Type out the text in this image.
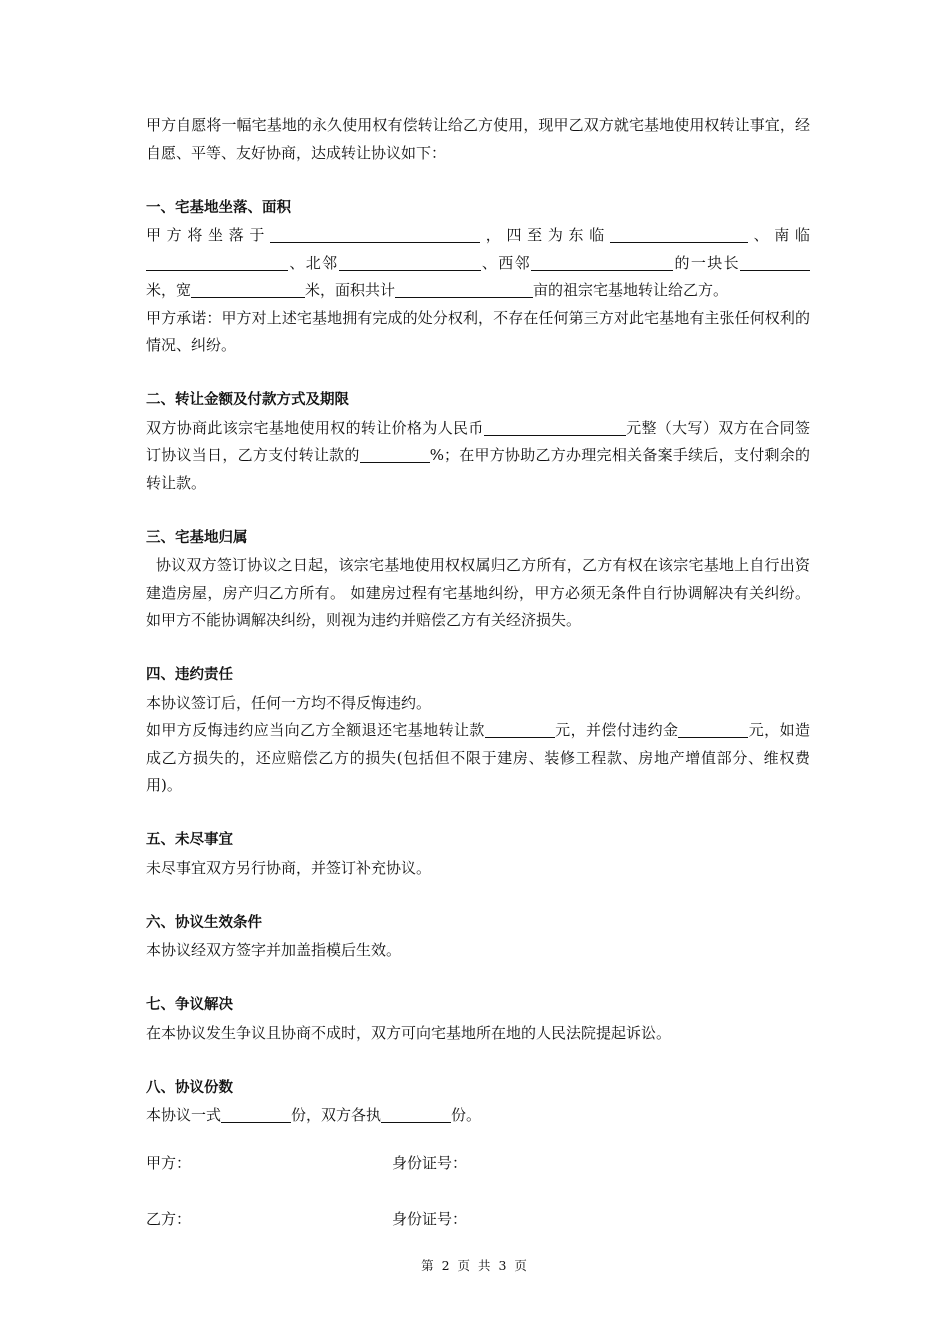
甲方自愿将一幅宅基地的永久使用权有偿转让给乙方使用，现甲乙双方就宅基地使用权转让事宜，经自愿、平等、友好协商，达成转让协议如下：

一、宅基地坐落、面积

甲方将坐落于	，四至为东临	、南临、北邻	、西邻	的一块长米，宽	米，面积共计	亩的祖宗宅基地转让给乙方。

甲方承诺：甲方对上述宅基地拥有完成的处分权利，不存在任何第三方对此宅基地有主张任何权利的情况、纠纷。

二、转让金额及付款方式及期限

双方协商此该宗宅基地使用权的转让价格为人民币	元整（大写）双方在合同签订协议当日，乙方支付转让款的	%；在甲方协助乙方办理完相关备案手续后，支付剩余的转让款。

三、宅基地归属

协议双方签订协议之日起，该宗宅基地使用权权属归乙方所有，乙方有权在该宗宅基地上自行出资建造房屋，房产归乙方所有。 如建房过程有宅基地纠纷，甲方必须无条件自行协调解决有关纠纷。如甲方不能协调解决纠纷，则视为违约并赔偿乙方有关经济损失。

四、违约责任

本协议签订后，任何一方均不得反悔违约。

如甲方反悔违约应当向乙方全额退还宅基地转让款	元，并偿付违约金	元，如造成乙方损失的，还应赔偿乙方的损失(包括但不限于建房、装修工程款、房地产增值部分、维权费用)。

五、未尽事宜

未尽事宜双方另行协商，并签订补充协议。

六、协议生效条件

本协议经双方签字并加盖指模后生效。

七、争议解决

在本协议发生争议且协商不成时，双方可向宅基地所在地的人民法院提起诉讼。

八、协议份数

本协议一式	份，双方各执	份。

甲方：	身份证号：
乙方：	身份证号：
第 2 页 共 3 页
